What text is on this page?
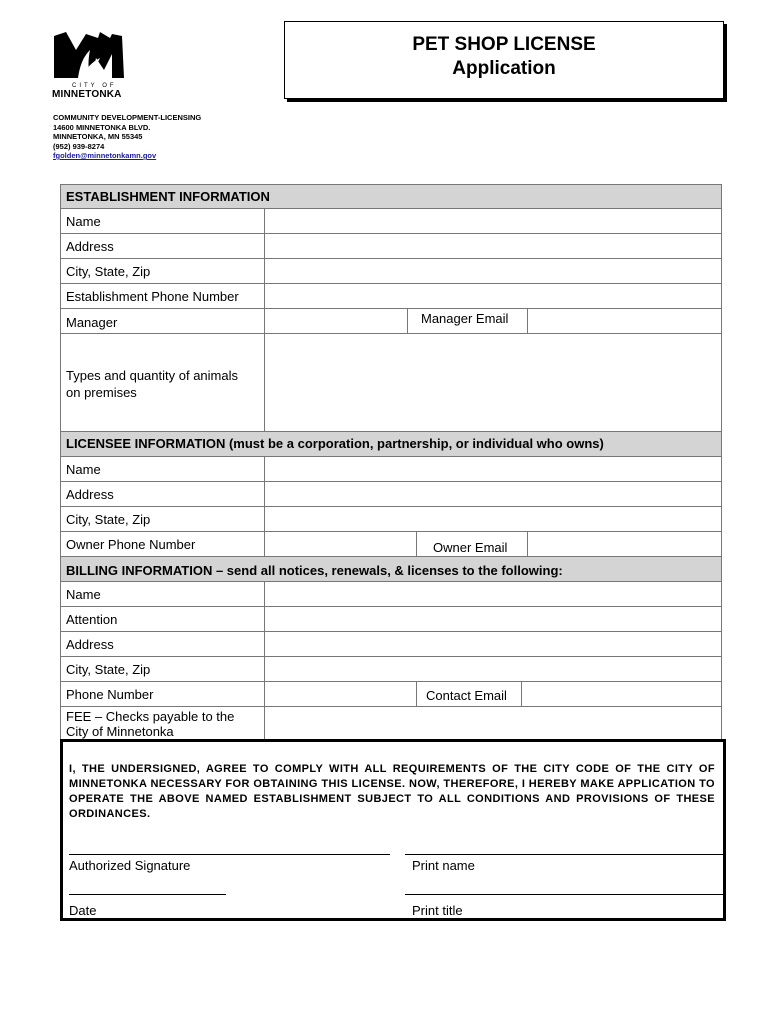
CITY OF
MINNETONKA
COMMUNITY DEVELOPMENT-LICENSING
14600 MINNETONKA BLVD.
MINNETONKA, MN 55345
(952) 939-8274
fgolden@minnetonkamn.gov
PET SHOP LICENSE
Application
ESTABLISHMENT INFORMATION
Name
Address
City, State, Zip
Establishment Phone Number
Manager	Manager Email
Types and quantity of animals
on premises
LICENSEE INFORMATION (must be a corporation, partnership, or individual who owns)
Name
Address
City, State, Zip
Owner Phone Number	Owner Email
BILLING INFORMATION – send all notices, renewals, & licenses to the following:
Name
Attention
Address
City, State, Zip
Phone Number	Contact Email
FEE – Checks payable to the
City of Minnetonka
I, THE UNDERSIGNED, AGREE TO COMPLY WITH ALL REQUIREMENTS OF THE CITY CODE OF THE CITY OF MINNETONKA NECESSARY FOR OBTAINING THIS LICENSE. NOW, THEREFORE, I HEREBY MAKE APPLICATION TO OPERATE THE ABOVE NAMED ESTABLISHMENT SUBJECT TO ALL CONDITIONS AND PROVISIONS OF THESE ORDINANCES.
Authorized Signature	Print name
Date	Print title
